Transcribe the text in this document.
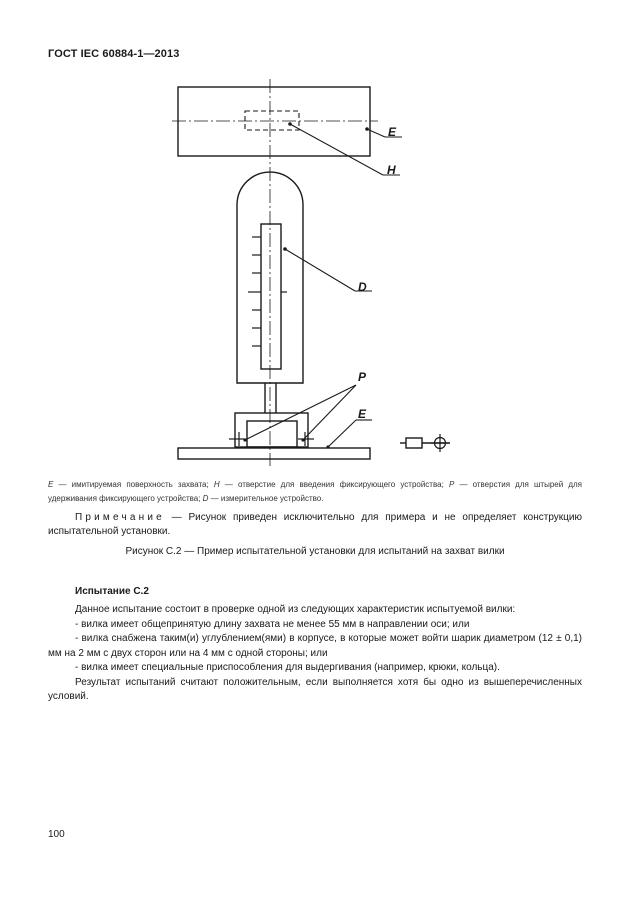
ГОСТ IEC 60884-1—2013
E
H
D
P
E
E — имитируемая поверхность захвата; H — отверстие для введения фиксирующего устройства; P — отверстия для штырей для удерживания фиксирующего устройства; D — измерительное устройство.
Примечание — Рисунок приведен исключительно для примера и не определяет конструкцию испытательной установки.
Рисунок С.2 — Пример испытательной установки для испытаний на захват вилки
Испытание С.2

Данное испытание состоит в проверке одной из следующих характеристик испытуемой вилки:

- вилка имеет общепринятую длину захвата не менее 55 мм в направлении оси; или

- вилка снабжена таким(и) углублением(ями) в корпусе, в которые может войти шарик диаметром (12 ± 0,1) мм на 2 мм с двух сторон или на 4 мм с одной стороны; или

- вилка имеет специальные приспособления для выдергивания (например, крюки, кольца).

Результат испытаний считают положительным, если выполняется хотя бы одно из вышеперечисленных условий.

100
